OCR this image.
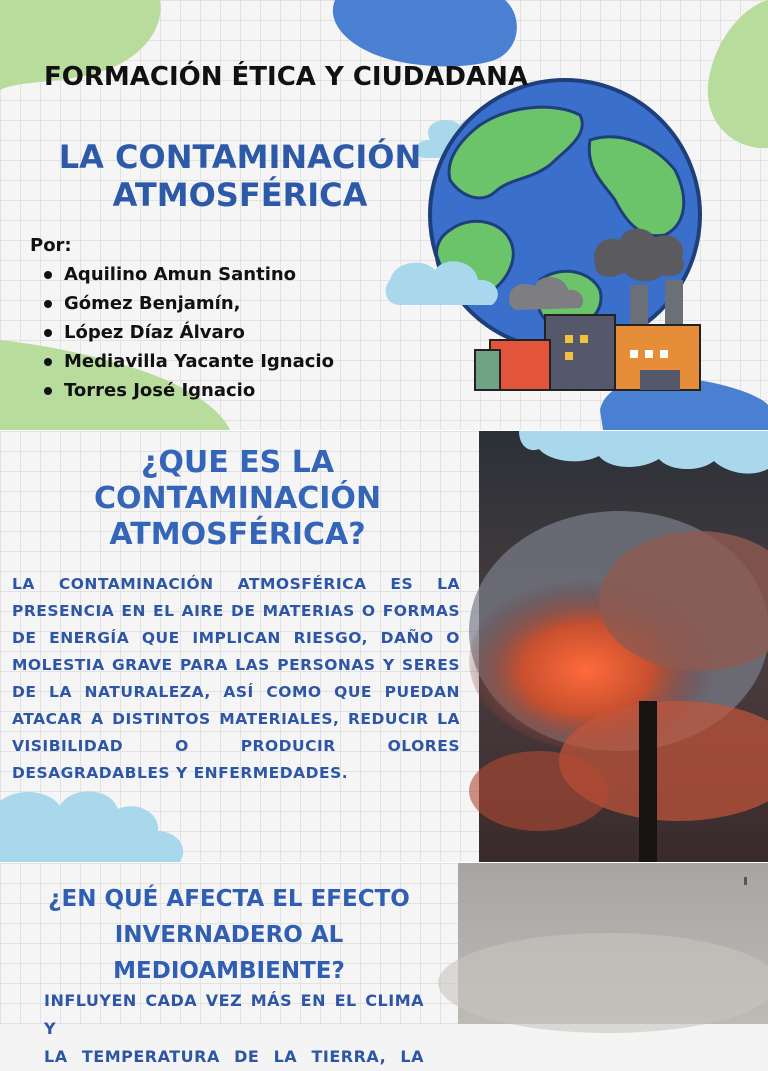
FORMACIÓN ÉTICA Y CIUDADANA
LA CONTAMINACIÓN
ATMOSFÉRICA
Por:
Aquilino Amun Santino
Gómez Benjamín,
López Díaz Álvaro
Mediavilla Yacante Ignacio
Torres José Ignacio
¿QUE ES LA
CONTAMINACIÓN
ATMOSFÉRICA?

LA CONTAMINACIÓN ATMOSFÉRICA ES LA PRESENCIA EN EL AIRE DE MATERIAS O FORMAS DE ENERGÍA QUE IMPLICAN RIESGO, DAÑO O MOLESTIA GRAVE PARA LAS PERSONAS Y SERES DE LA NATURALEZA, ASÍ COMO QUE PUEDAN ATACAR A DISTINTOS MATERIALES, REDUCIR LA VISIBILIDAD O PRODUCIR OLORES DESAGRADABLES Y ENFERMEDADES.

¿EN QUÉ AFECTA EL EFECTO
INVERNADERO AL MEDIOAMBIENTE?
INFLUYEN CADA VEZ MÁS EN EL CLIMA Y
LA TEMPERATURA DE LA TIERRA, LA
